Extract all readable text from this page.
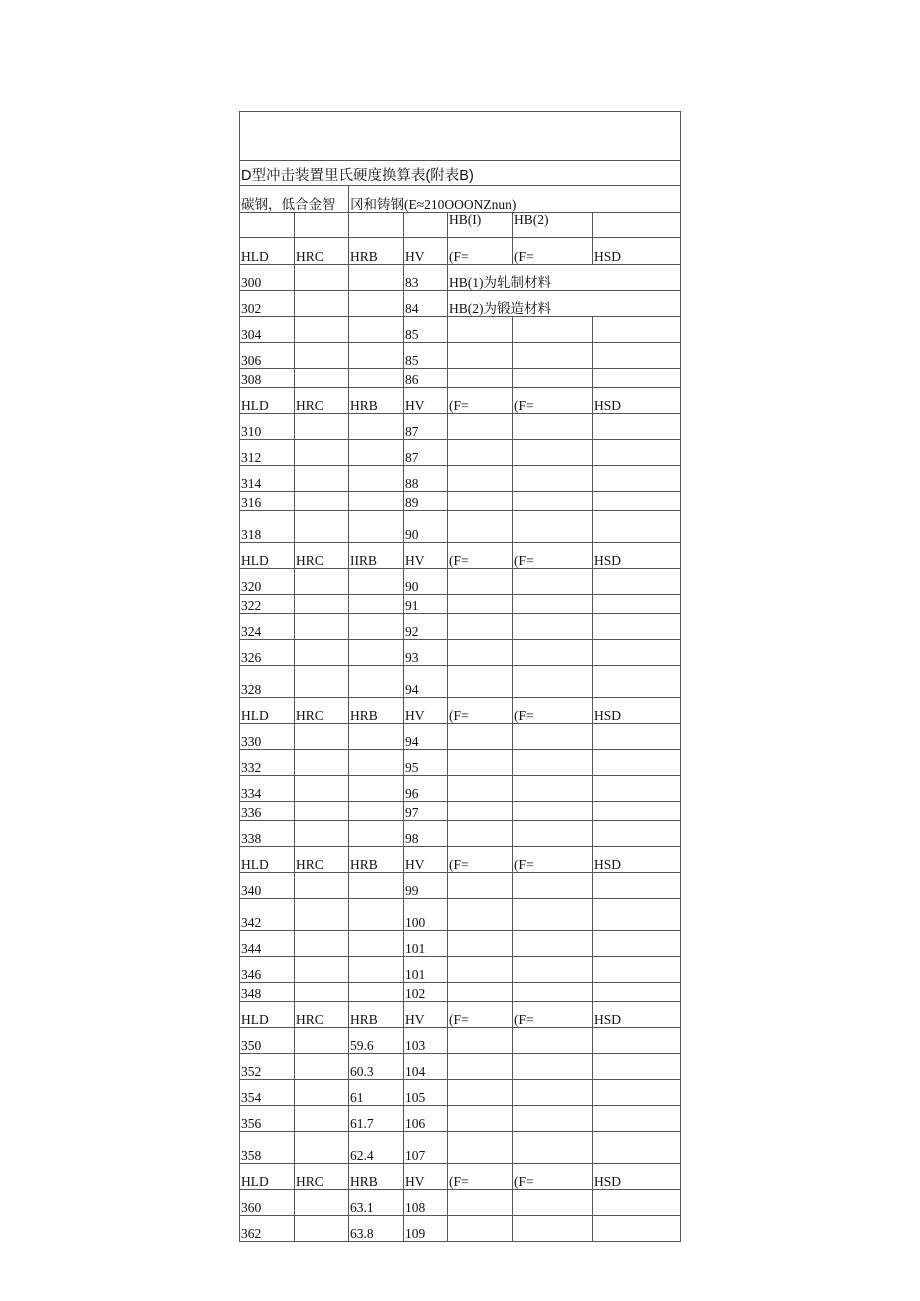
D型冲击装置里氏硬度换算表(附表B)						
碳钢，低合金智		冈和铸钢(E≈210OOONZnun)				
				HB(I)	HB(2)	
HLD	HRC	HRB	HV	(F=	(F=	HSD
300			83	HB(1)为轧制材料		
302			84	HB(2)为锻造材料		
304			85			
306			85			
308			86			
HLD	HRC	HRB	HV	(F=	(F=	HSD
310			87			
312			87			
314			88			
316			89			
318			90			
HLD	HRC	IIRB	HV	(F=	(F=	HSD
320			90			
322			91			
324			92			
326			93			
328			94			
HLD	HRC	HRB	HV	(F=	(F=	HSD
330			94			
332			95			
334			96			
336			97			
338			98			
HLD	HRC	HRB	HV	(F=	(F=	HSD
340			99			
342			100			
344			101			
346			101			
348			102			
HLD	HRC	HRB	HV	(F=	(F=	HSD
350		59.6	103			
352		60.3	104			
354		61	105			
356		61.7	106			
358		62.4	107			
HLD	HRC	HRB	HV	(F=	(F=	HSD
360		63.1	108			
362		63.8	109			
